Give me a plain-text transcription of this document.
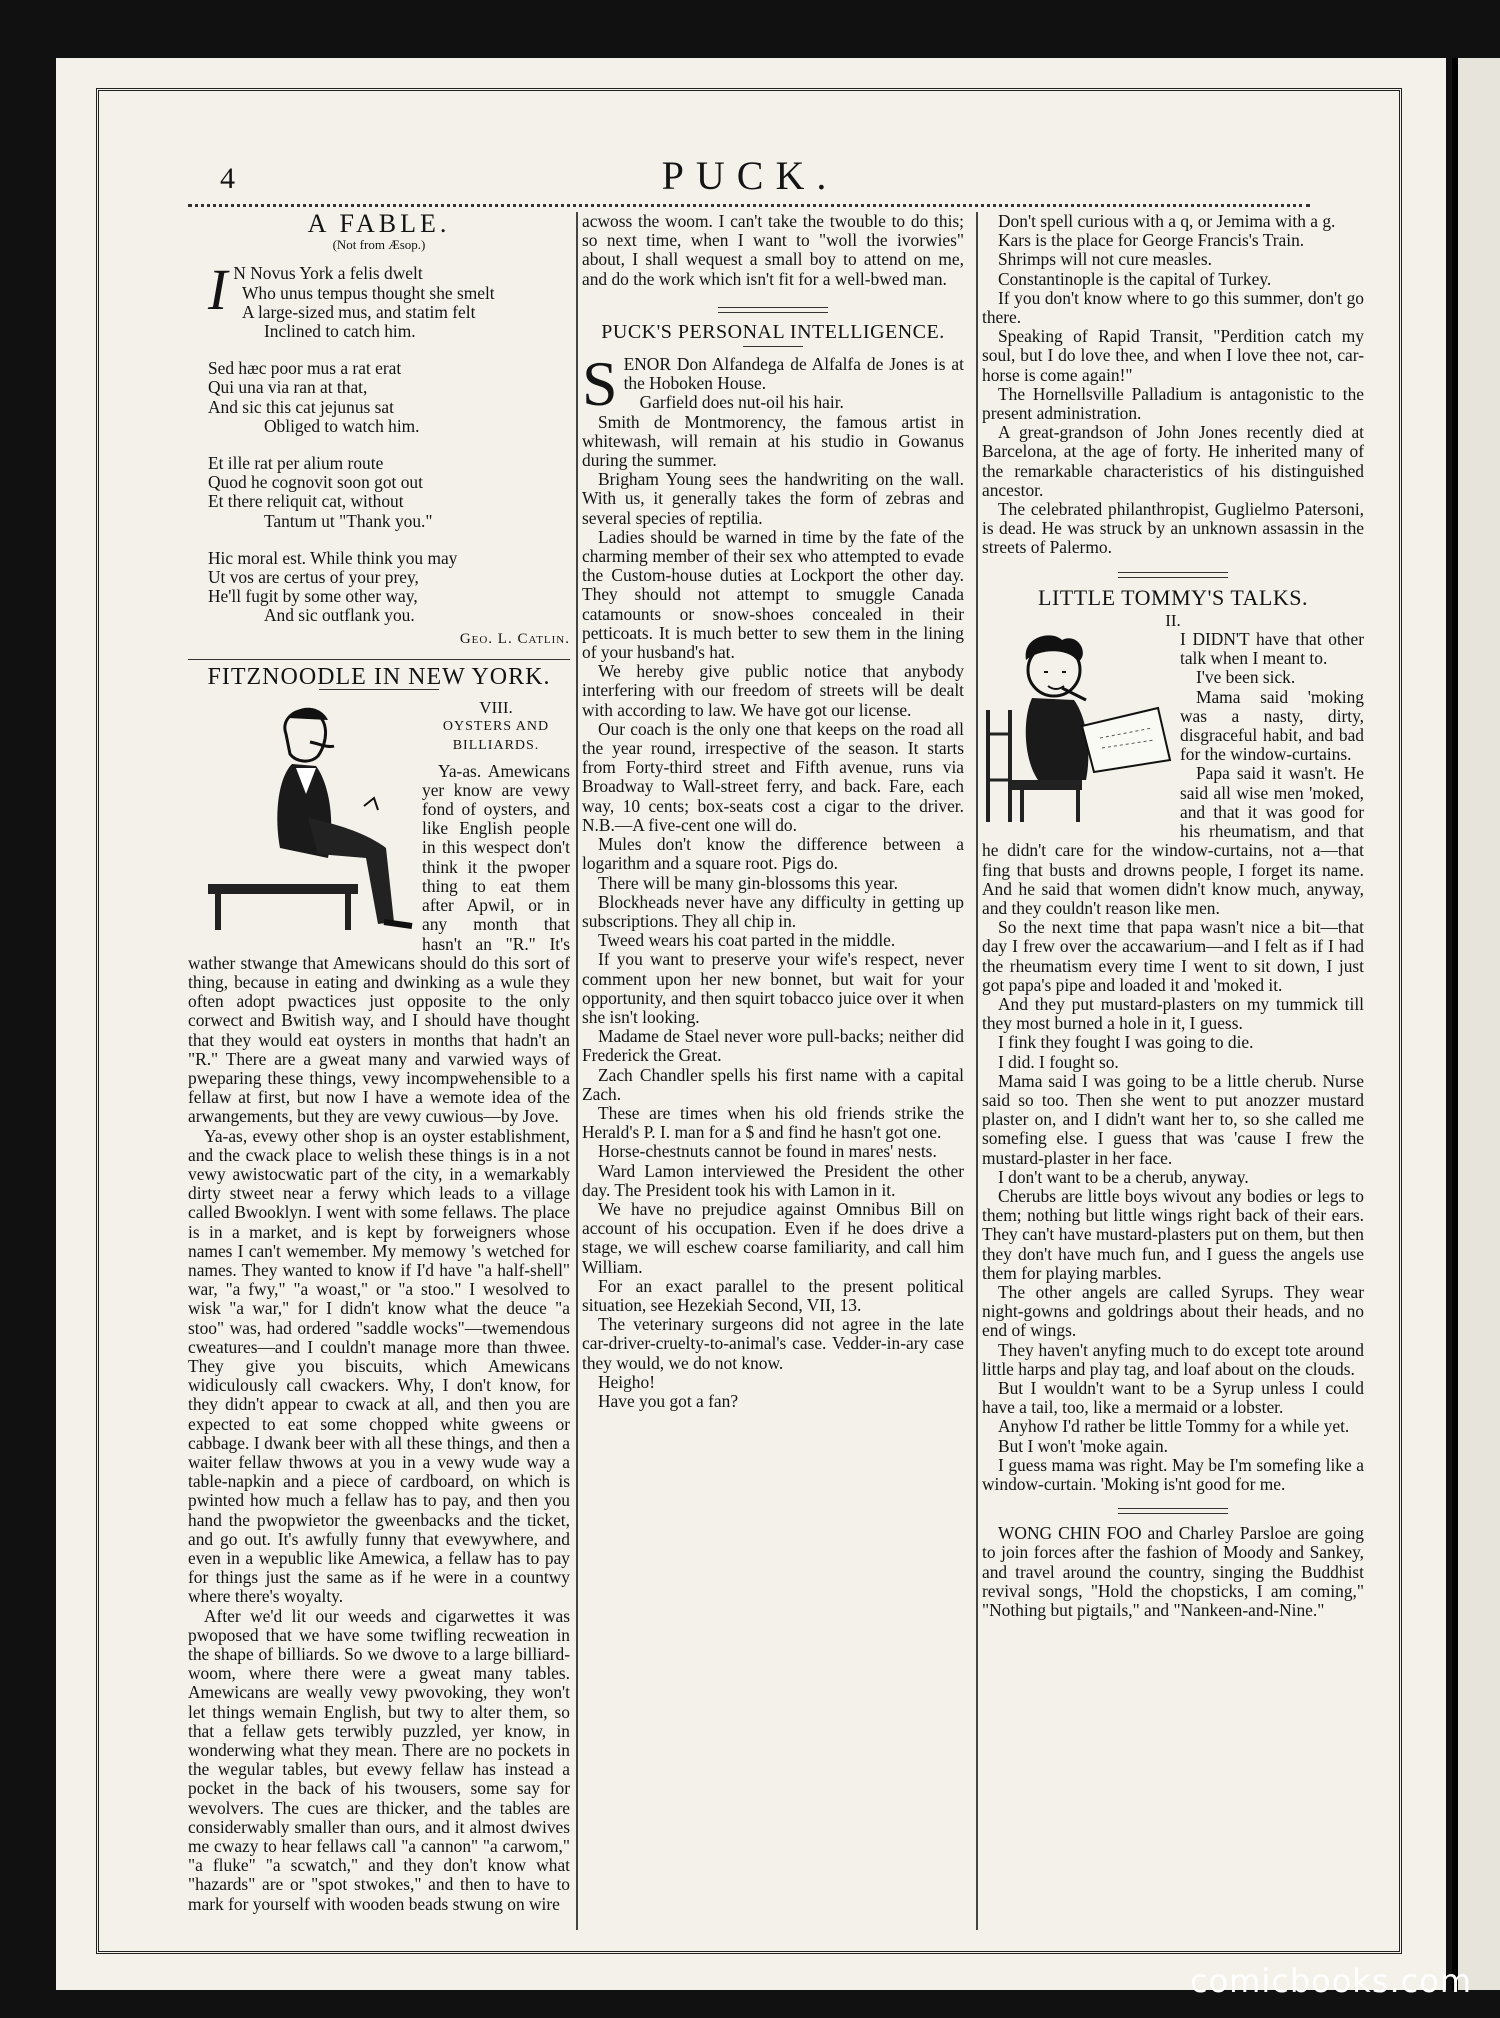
4	PUCK.
A FABLE.
(Not from Æsop.)
I N Novus York a felis dwelt
Who unus tempus thought she smelt
A large-sized mus, and statim felt
Inclined to catch him.
Sed hæc poor mus a rat erat
Qui una via ran at that,
And sic this cat jejunus sat
Obliged to watch him.
Et ille rat per alium route
Quod he cognovit soon got out
Et there reliquit cat, without
Tantum ut "Thank you."
Hic moral est. While think you may
Ut vos are certus of your prey,
He'll fugit by some other way,
And sic outflank you.
Geo. L. Catlin.
FITZNOODLE IN NEW YORK.
VIII.
OYSTERS AND BILLIARDS.

Ya-as. Amewicans yer know are vewy fond of oysters, and like English people in this wespect don't think it the pwoper thing to eat them after Apwil, or in any month that hasn't an "R." It's wather stwange that Amewicans should do this sort of thing, because in eating and dwinking as a wule they often adopt pwactices just opposite to the only corwect and Bwitish way, and I should have thought that they would eat oysters in months that hadn't an "R." There are a gweat many and varwied ways of pweparing these things, vewy incompwehensible to a fellaw at first, but now I have a wemote idea of the arwangements, but they are vewy cuwious—by Jove.

Ya-as, evewy other shop is an oyster establishment, and the cwack place to welish these things is in a not vewy awistocwatic part of the city, in a wemarkably dirty stweet near a ferwy which leads to a village called Bwooklyn. I went with some fellaws. The place is in a market, and is kept by forweigners whose names I can't wemember. My memowy 's wetched for names. They wanted to know if I'd have "a half-shell" war, "a fwy," "a woast," or "a stoo." I wesolved to wisk "a war," for I didn't know what the deuce "a stoo" was, had ordered "saddle wocks"—twemendous cweatures—and I couldn't manage more than thwee. They give you biscuits, which Amewicans widiculously call cwackers. Why, I don't know, for they didn't appear to cwack at all, and then you are expected to eat some chopped white gweens or cabbage. I dwank beer with all these things, and then a waiter fellaw thwows at you in a vewy wude way a table-napkin and a piece of cardboard, on which is pwinted how much a fellaw has to pay, and then you hand the pwopwietor the gweenbacks and the ticket, and go out. It's awfully funny that evewywhere, and even in a wepublic like Amewica, a fellaw has to pay for things just the same as if he were in a countwy where there's woyalty.

After we'd lit our weeds and cigarwettes it was pwoposed that we have some twifling recweation in the shape of billiards. So we dwove to a large billiard-woom, where there were a gweat many tables. Amewicans are weally vewy pwovoking, they won't let things wemain English, but twy to alter them, so that a fellaw gets terwibly puzzled, yer know, in wonderwing what they mean. There are no pockets in the wegular tables, but evewy fellaw has instead a pocket in the back of his twousers, some say for wevolvers. The cues are thicker, and the tables are considerwably smaller than ours, and it almost dwives me cwazy to hear fellaws call "a cannon" "a carwom," "a fluke" "a scwatch," and they don't know what "hazards" are or "spot stwokes," and then to have to mark for yourself with wooden beads stwung on wire

PUCK'S PERSONAL INTELLIGENCE.
S ENOR Don Alfandega de Alfalfa de Jones is at the Hoboken House.

Garfield does nut-oil his hair.

Smith de Montmorency, the famous artist in whitewash, will remain at his studio in Gowanus during the summer.

Brigham Young sees the handwriting on the wall. With us, it generally takes the form of zebras and several species of reptilia.

Ladies should be warned in time by the fate of the charming member of their sex who attempted to evade the Custom-house duties at Lockport the other day. They should not attempt to smuggle Canada catamounts or snow-shoes concealed in their petticoats. It is much better to sew them in the lining of your husband's hat.

We hereby give public notice that anybody interfering with our freedom of streets will be dealt with according to law. We have got our license.

Our coach is the only one that keeps on the road all the year round, irrespective of the season. It starts from Forty-third street and Fifth avenue, runs via Broadway to Wall-street ferry, and back. Fare, each way, 10 cents; box-seats cost a cigar to the driver. N.B.—A five-cent one will do.

Mules don't know the difference between a logarithm and a square root. Pigs do.

There will be many gin-blossoms this year.

Blockheads never have any difficulty in getting up subscriptions. They all chip in.

Tweed wears his coat parted in the middle.

If you want to preserve your wife's respect, never comment upon her new bonnet, but wait for your opportunity, and then squirt tobacco juice over it when she isn't looking.

Madame de Stael never wore pull-backs; neither did Frederick the Great.

Zach Chandler spells his first name with a capital Zach.

These are times when his old friends strike the Herald's P. I. man for a $ and find he hasn't got one.

Horse-chestnuts cannot be found in mares' nests.

Ward Lamon interviewed the President the other day. The President took his with Lamon in it.

We have no prejudice against Omnibus Bill on account of his occupation. Even if he does drive a stage, we will eschew coarse familiarity, and call him William.

For an exact parallel to the present political situation, see Hezekiah Second, VII, 13.

The veterinary surgeons did not agree in the late car-driver-cruelty-to-animal's case. Vedder-in-ary case they would, we do not know.

Heigho!

Have you got a fan?

Don't spell curious with a q, or Jemima with a g.

Kars is the place for George Francis's Train.

Shrimps will not cure measles.

Constantinople is the capital of Turkey.

If you don't know where to go this summer, don't go there.

Speaking of Rapid Transit, "Perdition catch my soul, but I do love thee, and when I love thee not, car-horse is come again!"

The Hornellsville Palladium is antagonistic to the present administration.

A great-grandson of John Jones recently died at Barcelona, at the age of forty. He inherited many of the remarkable characteristics of his distinguished ancestor.

The celebrated philanthropist, Guglielmo Patersoni, is dead. He was struck by an unknown assassin in the streets of Palermo.

LITTLE TOMMY'S TALKS.
II.

I DIDN'T have that other talk when I meant to.

I've been sick.

Mama said 'moking was a nasty, dirty, disgraceful habit, and bad for the window-curtains.

Papa said it wasn't. He said all wise men 'moked, and that it was good for his rheumatism, and that he didn't care for the window-curtains, not a—that fing that busts and drowns people, I forget its name. And he said that women didn't know much, anyway, and they couldn't reason like men.

So the next time that papa wasn't nice a bit—that day I frew over the accawarium—and I felt as if I had the rheumatism every time I went to sit down, I just got papa's pipe and loaded it and 'moked it.

And they put mustard-plasters on my tummick till they most burned a hole in it, I guess.

I fink they fought I was going to die.

I did. I fought so.

Mama said I was going to be a little cherub. Nurse said so too. Then she went to put anozzer mustard plaster on, and I didn't want her to, so she called me somefing else. I guess that was 'cause I frew the mustard-plaster in her face.

I don't want to be a cherub, anyway.

Cherubs are little boys wivout any bodies or legs to them; nothing but little wings right back of their ears. They can't have mustard-plasters put on them, but then they don't have much fun, and I guess the angels use them for playing marbles.

The other angels are called Syrups. They wear night-gowns and goldrings about their heads, and no end of wings.

They haven't anyfing much to do except tote around little harps and play tag, and loaf about on the clouds.

But I wouldn't want to be a Syrup unless I could have a tail, too, like a mermaid or a lobster.

Anyhow I'd rather be little Tommy for a while yet.

But I won't 'moke again.

I guess mama was right. May be I'm somefing like a window-curtain. 'Moking is'nt good for me.

WONG CHIN FOO and Charley Parsloe are going to join forces after the fashion of Moody and Sankey, and travel around the country, singing the Buddhist revival songs, "Hold the chopsticks, I am coming," "Nothing but pigtails," and "Nankeen-and-Nine."

comicbooks.com

acwoss the woom. I can't take the twouble to do this; so next time, when I want to "woll the ivorwies" about, I shall wequest a small boy to attend on me, and do the work which isn't fit for a well-bwed man.
